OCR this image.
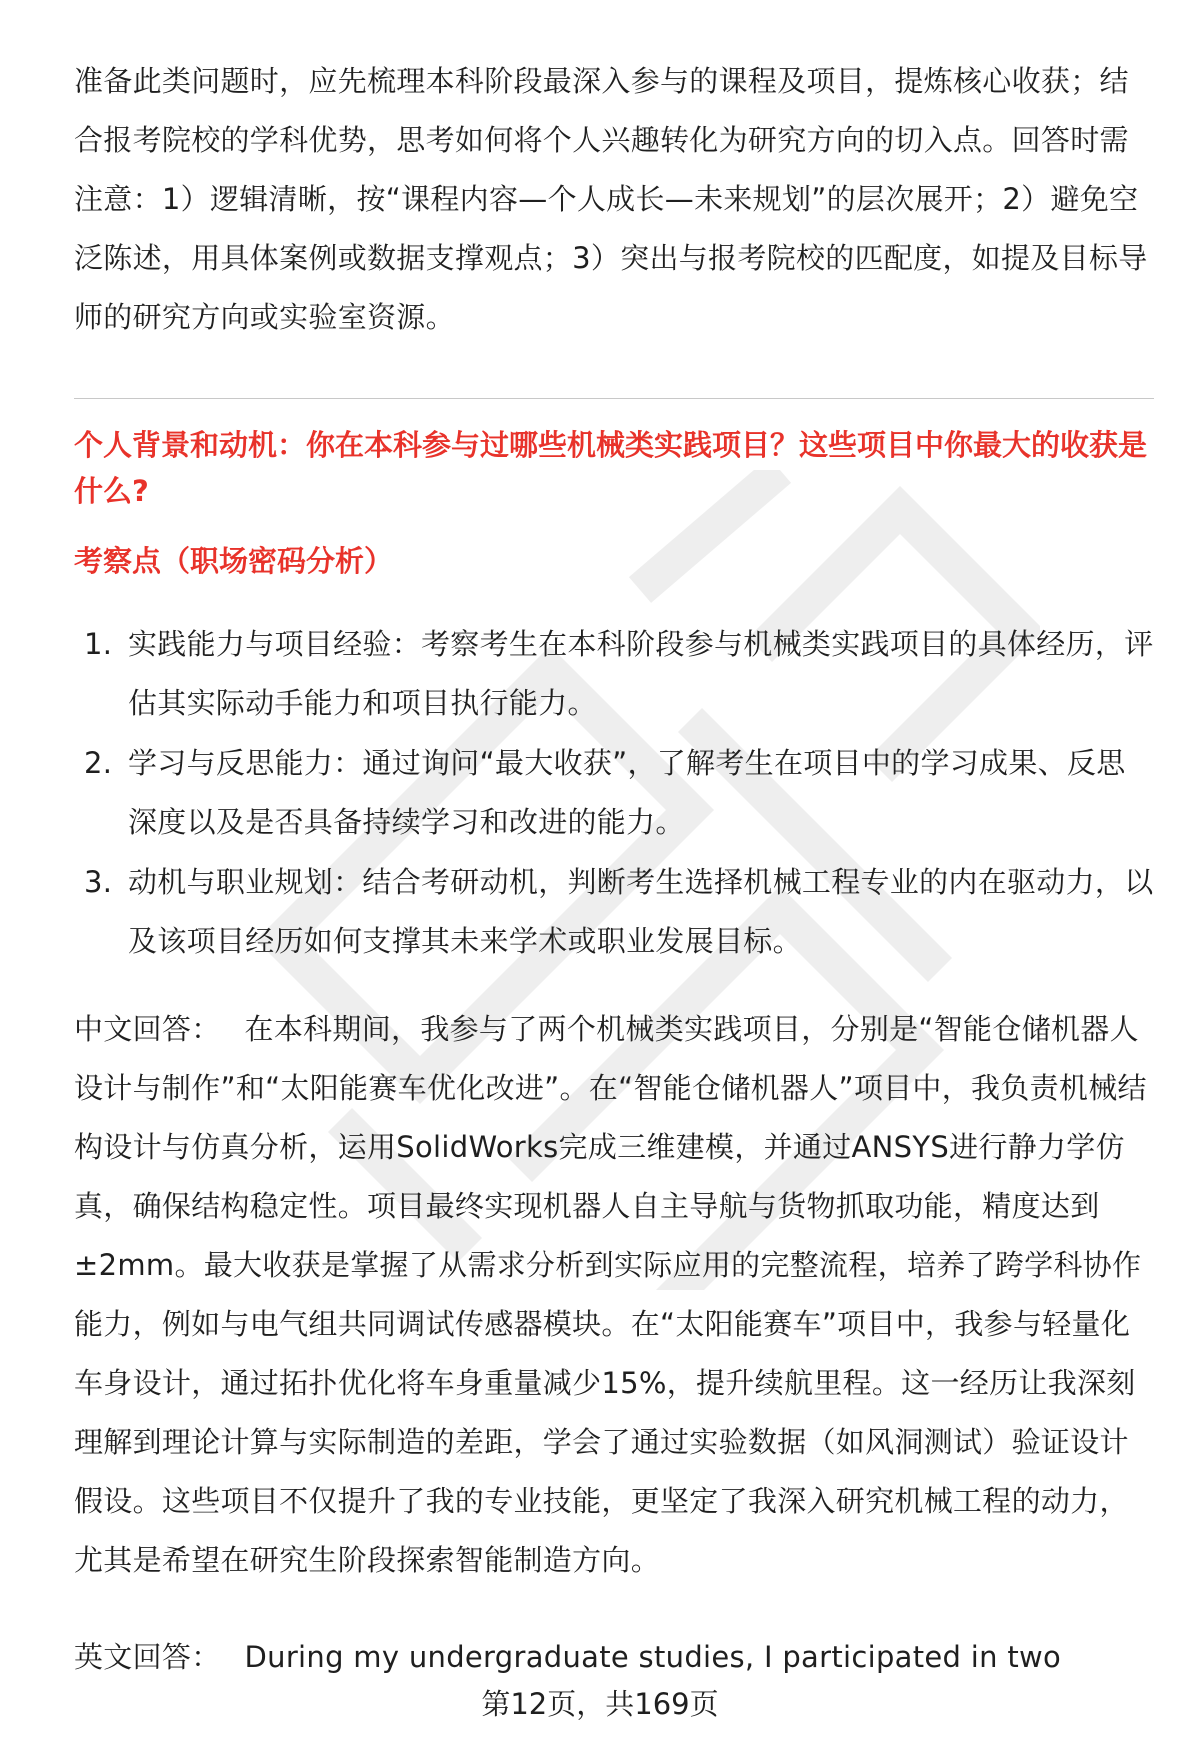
准备此类问题时，应先梳理本科阶段最深入参与的课程及项目，提炼核心收获；结合报考院校的学科优势，思考如何将个人兴趣转化为研究方向的切入点。回答时需注意：1）逻辑清晰，按“课程内容—个人成长—未来规划”的层次展开；2）避免空泛陈述，用具体案例或数据支撑观点；3）突出与报考院校的匹配度，如提及目标导师的研究方向或实验室资源。
个人背景和动机：你在本科参与过哪些机械类实践项目？这些项目中你最大的收获是什么?
考察点（职场密码分析）
1. 实践能力与项目经验：考察考生在本科阶段参与机械类实践项目的具体经历，评估其实际动手能力和项目执行能力。
2. 学习与反思能力：通过询问“最大收获”，了解考生在项目中的学习成果、反思深度以及是否具备持续学习和改进的能力。
3. 动机与职业规划：结合考研动机，判断考生选择机械工程专业的内在驱动力，以及该项目经历如何支撑其未来学术或职业发展目标。
中文回答： 在本科期间，我参与了两个机械类实践项目，分别是“智能仓储机器人设计与制作”和“太阳能赛车优化改进”。在“智能仓储机器人”项目中，我负责机械结构设计与仿真分析，运用SolidWorks完成三维建模，并通过ANSYS进行静力学仿真，确保结构稳定性。项目最终实现机器人自主导航与货物抓取功能，精度达到±2mm。最大收获是掌握了从需求分析到实际应用的完整流程，培养了跨学科协作能力，例如与电气组共同调试传感器模块。在“太阳能赛车”项目中，我参与轻量化车身设计，通过拓扑优化将车身重量减少15%，提升续航里程。这一经历让我深刻理解到理论计算与实际制造的差距，学会了通过实验数据（如风洞测试）验证设计假设。这些项目不仅提升了我的专业技能，更坚定了我深入研究机械工程的动力，尤其是希望在研究生阶段探索智能制造方向。
英文回答： During my undergraduate studies, I participated in two
第12页，共169页
